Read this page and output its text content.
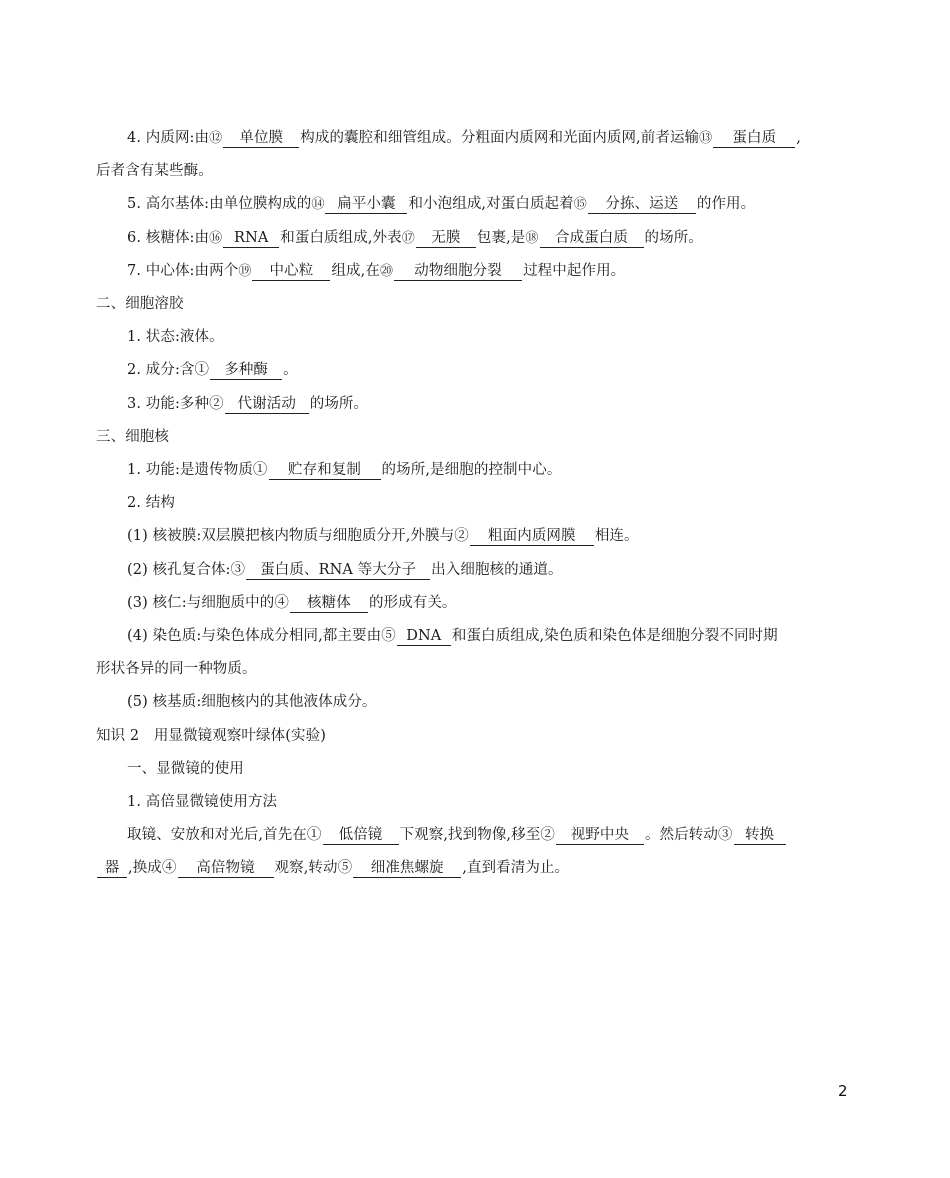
4. 内质网:由⑫ 单位膜 构成的囊腔和细管组成。分粗面内质网和光面内质网,前者运输⑬ 蛋白质 ,
后者含有某些酶。
5. 高尔基体:由单位膜构成的⑭ 扁平小囊 和小泡组成,对蛋白质起着⑮ 分拣、运送 的作用。
6. 核糖体:由⑯ RNA 和蛋白质组成,外表⑰ 无膜 包裹,是⑱ 合成蛋白质 的场所。
7. 中心体:由两个⑲ 中心粒 组成,在⑳ 动物细胞分裂 过程中起作用。
二、细胞溶胶
1. 状态:液体。
2. 成分:含① 多种酶 。
3. 功能:多种② 代谢活动 的场所。
三、细胞核
1. 功能:是遗传物质① 贮存和复制 的场所,是细胞的控制中心。
2. 结构
(1) 核被膜:双层膜把核内物质与细胞质分开,外膜与② 粗面内质网膜 相连。
(2) 核孔复合体:③ 蛋白质、RNA 等大分子 出入细胞核的通道。
(3) 核仁:与细胞质中的④ 核糖体 的形成有关。
(4) 染色质:与染色体成分相同,都主要由⑤ DNA 和蛋白质组成,染色质和染色体是细胞分裂不同时期
形状各异的同一种物质。
(5) 核基质:细胞核内的其他液体成分。
知识 2　用显微镜观察叶绿体(实验)
一、显微镜的使用
1. 高倍显微镜使用方法
取镜、安放和对光后,首先在① 低倍镜 下观察,找到物像,移至② 视野中央 。然后转动③ 转换
器 ,换成④ 高倍物镜 观察,转动⑤ 细准焦螺旋 ,直到看清为止。
2
